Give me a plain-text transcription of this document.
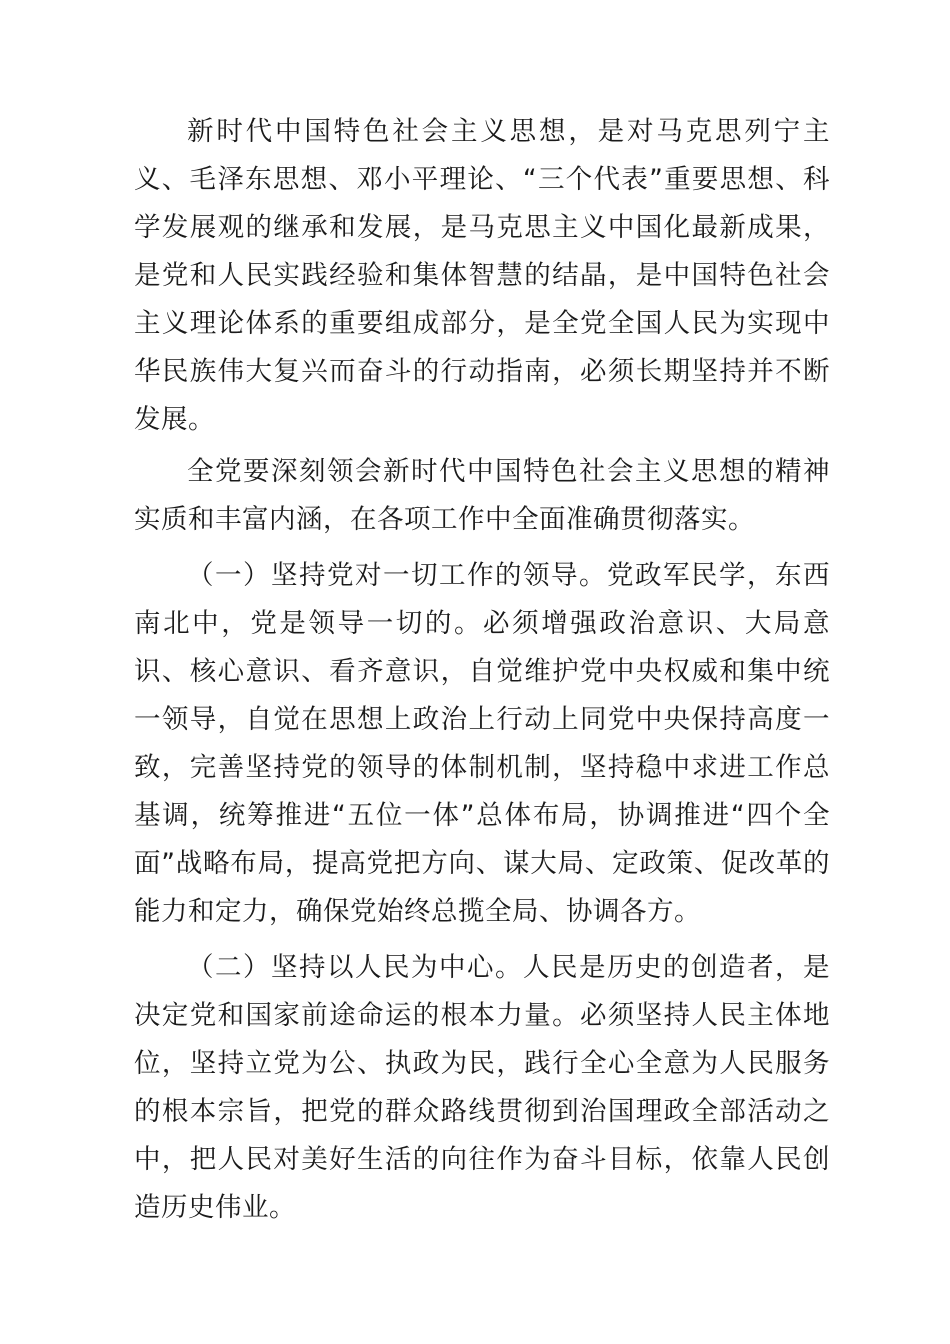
新时代中国特色社会主义思想，是对马克思列宁主义、毛泽东思想、邓小平理论、“三个代表”重要思想、科学发展观的继承和发展，是马克思主义中国化最新成果，是党和人民实践经验和集体智慧的结晶，是中国特色社会主义理论体系的重要组成部分，是全党全国人民为实现中华民族伟大复兴而奋斗的行动指南，必须长期坚持并不断发展。

全党要深刻领会新时代中国特色社会主义思想的精神实质和丰富内涵，在各项工作中全面准确贯彻落实。

（一）坚持党对一切工作的领导。党政军民学，东西南北中，党是领导一切的。必须增强政治意识、大局意识、核心意识、看齐意识，自觉维护党中央权威和集中统一领导，自觉在思想上政治上行动上同党中央保持高度一致，完善坚持党的领导的体制机制，坚持稳中求进工作总基调，统筹推进“五位一体”总体布局，协调推进“四个全面”战略布局，提高党把方向、谋大局、定政策、促改革的能力和定力，确保党始终总揽全局、协调各方。

（二）坚持以人民为中心。人民是历史的创造者，是决定党和国家前途命运的根本力量。必须坚持人民主体地位，坚持立党为公、执政为民，践行全心全意为人民服务的根本宗旨，把党的群众路线贯彻到治国理政全部活动之中，把人民对美好生活的向往作为奋斗目标，依靠人民创造历史伟业。
